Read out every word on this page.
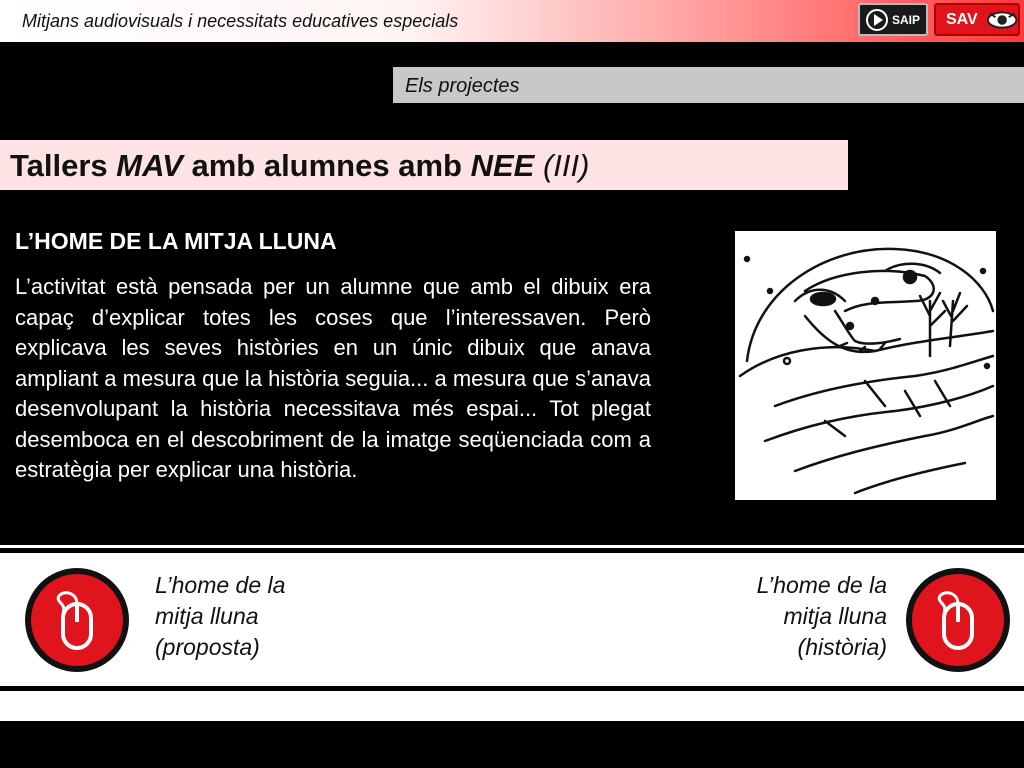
Mitjans audiovisuals i necessitats educatives especials	SAIP SAV
Els projectes
Tallers MAV amb alumnes amb NEE (III)
L’HOME DE LA MITJA LLUNA
L’activitat està pensada per un alumne que amb el dibuix era capaç d’explicar totes les coses que l’interessaven. Però explicava les seves històries en un únic dibuix que anava ampliant a mesura que la història seguia... a mesura que s’anava desenvolupant la història necessitava més espai... Tot plegat desemboca en el descobriment de la imatge seqüenciada com a estratègia per explicar una història.
L’home de la
mitja lluna
(proposta)
L’home de la
mitja lluna
(història)
